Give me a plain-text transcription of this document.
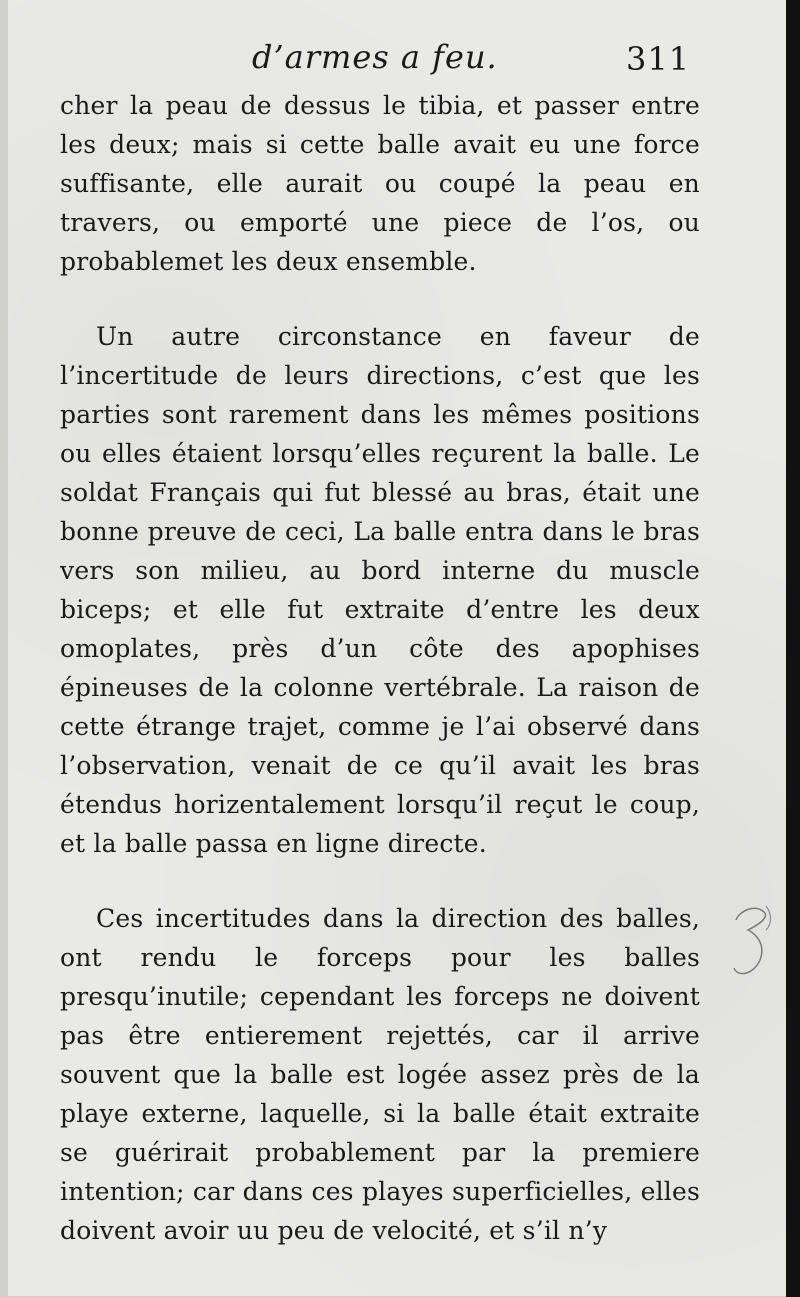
d’armes a feu.	311

cher la peau de dessus le tibia, et passer entre les deux; mais si cette balle avait eu une force suffisante, elle aurait ou coupé la peau en travers, ou emporté une piece de l’os, ou probablemet les deux ensemble.

Un autre circonstance en faveur de l’incertitude de leurs directions, c’est que les parties sont rarement dans les mêmes positions ou elles étaient lorsqu’elles reçurent la balle. Le soldat Français qui fut blessé au bras, était une bonne preuve de ceci, La balle entra dans le bras vers son milieu, au bord interne du muscle biceps; et elle fut extraite d’entre les deux omoplates, près d’un côte des apophises épineuses de la colonne vertébrale. La raison de cette étrange trajet, comme je l’ai observé dans l’observation, venait de ce qu’il avait les bras étendus horizentalement lorsqu’il reçut le coup, et la balle passa en ligne directe.

Ces incertitudes dans la direction des balles, ont rendu le forceps pour les balles presqu’inutile; cependant les forceps ne doivent pas être entierement rejettés, car il arrive souvent que la balle est logée assez près de la playe externe, laquelle, si la balle était extraite se guérirait probablement par la premiere intention; car dans ces playes superficielles, elles doivent avoir uu peu de velocité, et s’il n’y
